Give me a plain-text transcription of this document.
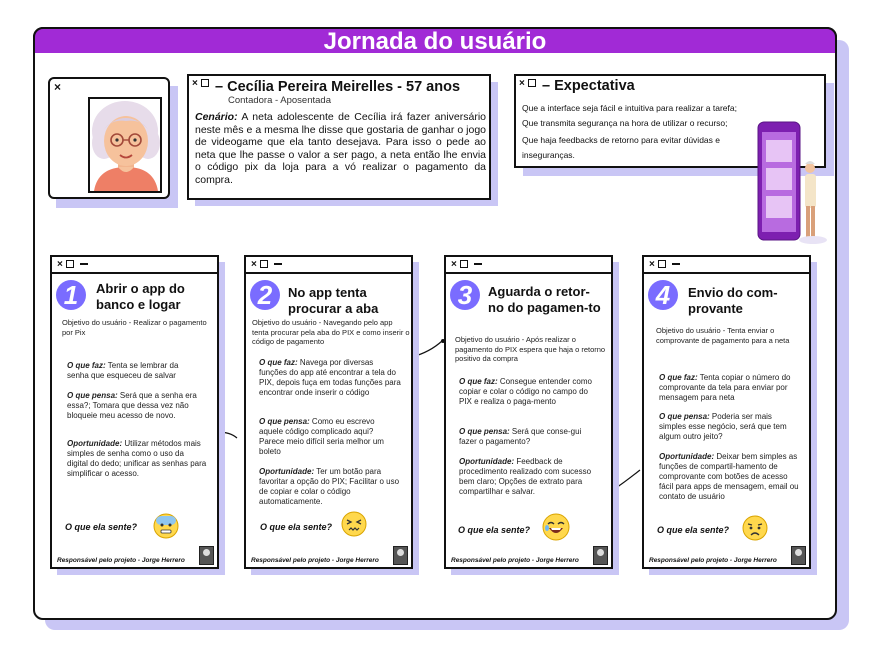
Jornada do usuário
×	×	– Cecília Pereira Meirelles - 57 anos
Contadora - Aposentada
Cenário: A neta adolescente de Cecília irá fazer aniversário neste mês e a mesma lhe disse que gostaria de ganhar o jogo de videogame que ela tanto desejava. Para isso o pede ao neta que lhe passe o valor a ser pago, a neta então lhe envia o código pix da loja para a vó realizar o pagamento da compra.
×	– Expectativa
Que a interface seja fácil e intuitiva para realizar a tarefa;
Que transmita segurança na hora de utilizar o recurso;
Que haja feedbacks de retorno para evitar dúvidas e inseguranças.
×
1	Abrir o app do banco e logar
Objetivo do usuário - Realizar o pagamento por Pix
O que faz: Tenta se lembrar da senha que esqueceu de salvar
O que pensa: Será que a senha era essa?; Tomara que dessa vez não bloqueie meu acesso de novo.
Oportunidade: Utilizar métodos mais simples de senha como o uso da digital do dedo; unificar as senhas para simplificar o acesso.
O que ela sente?
Responsável pelo projeto - Jorge Herrero
×
2	No app tenta procurar a aba
Objetivo do usuário - Navegando pelo app tenta procurar pela aba do PIX e como inserir o código de pagamento
O que faz: Navega por diversas funções do app até encontrar a tela do PIX, depois fuça em todas funções para encontrar onde inserir o código
O que pensa: Como eu escrevo aquele código complicado aqui? Parece meio difícil seria melhor um boleto
Oportunidade: Ter um botão para favoritar a opção do PIX; Facilitar o uso de copiar e colar o código automaticamente.
O que ela sente?
Responsável pelo projeto - Jorge Herrero
×
3	Aguarda o retor-no do pagamen-to
Objetivo do usuário - Após realizar o pagamento do PIX espera que haja o retorno positivo da compra
O que faz: Consegue entender como copiar e colar o código no campo do PIX e realiza o paga-mento
O que pensa: Será que conse-gui fazer o pagamento?
Oportunidade: Feedback de procedimento realizado com sucesso bem claro; Opções de extrato para compartilhar e salvar.
O que ela sente?
Responsável pelo projeto - Jorge Herrero
×
4	Envio do com-provante
Objetivo do usuário - Tenta enviar o comprovante de pagamento para a neta
O que faz: Tenta copiar o número do comprovante da tela para enviar por mensagem para neta
O que pensa: Poderia ser mais simples esse negócio, será que tem algum outro jeito?
Oportunidade: Deixar bem simples as funções de compartil-hamento de comprovante com botões de acesso fácil para apps de mensagem, email ou contato de usuário
O que ela sente?
Responsável pelo projeto - Jorge Herrero
